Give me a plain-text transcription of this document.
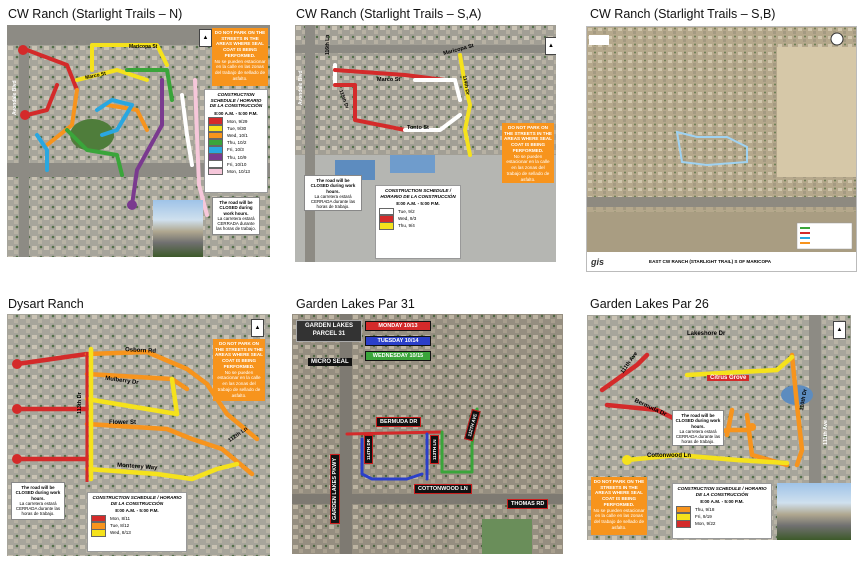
CW Ranch (Starlight Trails – N)	CW Ranch (Starlight Trails – S,A)	CW Ranch (Starlight Trails – S,B)
Dysart Ranch	Garden Lakes Par 31	Garden Lakes Par 26
Avondale Blvd
Marco St
Maricopa St
▲
DO NOT PARK ON THE STREETS IN THE AREAS WHERE SEAL COAT IS BEING PERFORMED.
No se pueden estacionar en la calle en las zonas del trabajo de sellado de asfalto.
CONSTRUCTION SCHEDULE / HORARIO DE LA CONSTRUCCIÓN
8:00 A.M. - 5:00 P.M.
Mon, 9/29
Tue, 9/30
Wed, 10/1
Thu, 10/2
Fri, 10/3
Thu, 10/9
Fri, 10/10
Mon, 10/13
The road will be CLOSED during work hours.
La carretera estará CERRADA durante las horas de trabajo.
Avondale Blvd
Maricopa St
Marco St
115th Dr
Tonto St
114th Dr
116th Ln	▲
DO NOT PARK ON THE STREETS IN THE AREAS WHERE SEAL COAT IS BEING PERFORMED.
No se pueden estacionar en la calle en las zonas del trabajo de sellado de asfalto.
The road will be CLOSED during work hours.
La carretera estará CERRADA durante las horas de trabajo.
CONSTRUCTION SCHEDULE / HORARIO DE LA CONSTRUCCIÓN
8:00 A.M. - 5:00 P.M.
Tue, 9/2
Wed, 9/3
Thu, 9/4
gis	EAST CW RANCH (STARLIGHT TRAIL) S OF MARICOPA
Osborn Rd
Mulberry Dr
Flower St
Monterey Way
113th Dr
112th Ln
▲
DO NOT PARK ON THE STREETS IN THE AREAS WHERE SEAL COAT IS BEING PERFORMED.
No se pueden estacionar en la calle en las zonas del trabajo de sellado de asfalto.
The road will be CLOSED during work hours.
La carretera estará CERRADA durante las horas de trabajo.
CONSTRUCTION SCHEDULE / HORARIO DE LA CONSTRUCCIÓN
8:00 A.M. - 5:00 P.M.
Mon, 8/11
Tue, 8/12
Wed, 8/13
GARDEN LAKES PARCEL 31
MICRO SEAL
MONDAY 10/13
TUESDAY 10/14
WEDNESDAY 10/15
BERMUDA DR
COTTONWOOD LN
THOMAS RD
GARDEN LAKES PKWY
114TH DR	113TH LN
112TH AVE
Lakeshore Dr
Citrus Grove
Bermuda Dr
Cottonwood Ln
111th Ave
110th Dr
111th Ave
▲
The road will be CLOSED during work hours.
La carretera estará CERRADA durante las horas de trabajo.
DO NOT PARK ON THE STREETS IN THE AREAS WHERE SEAL COAT IS BEING PERFORMED.
No se pueden estacionar en la calle en las zonas del trabajo de sellado de asfalto.
CONSTRUCTION SCHEDULE / HORARIO DE LA CONSTRUCCIÓN
8:00 A.M. - 5:00 P.M.
Thu, 9/18
Fri, 9/19
Mon, 9/22
